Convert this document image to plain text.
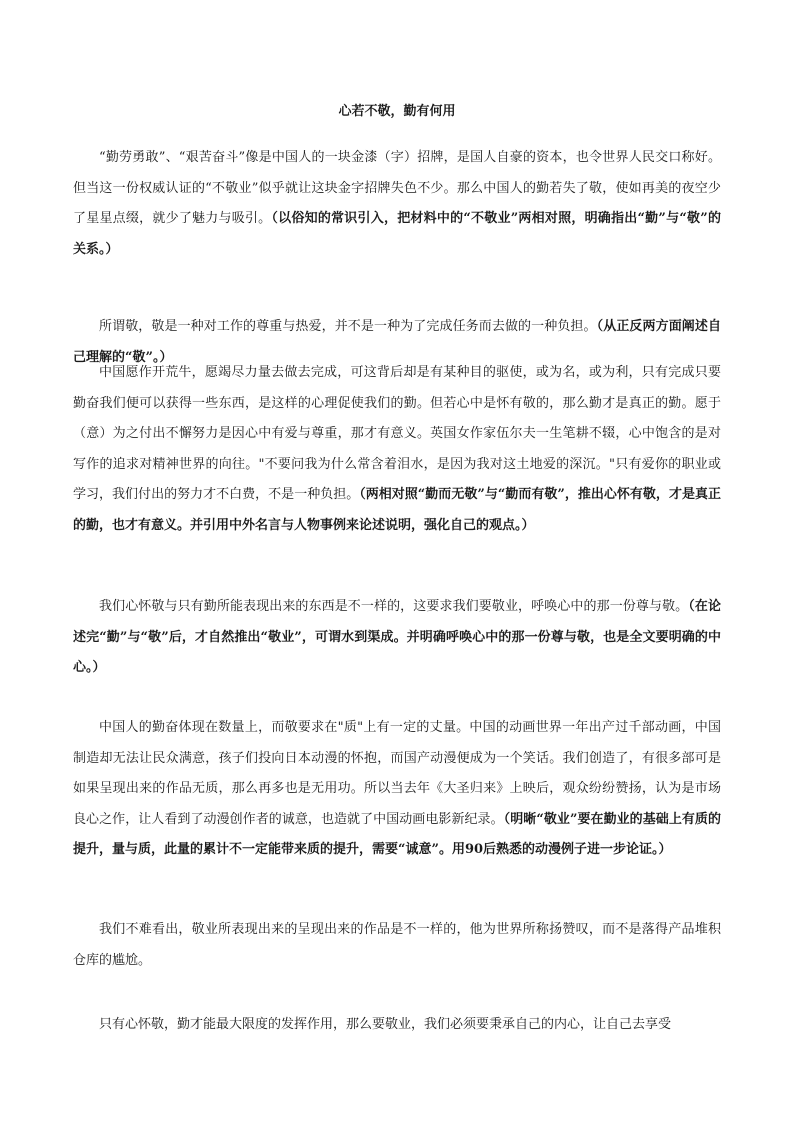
心若不敬，勤有何用

“勤劳勇敢”、“艰苦奋斗”像是中国人的一块金漆（字）招牌，是国人自豪的资本，也令世界人民交口称好。但当这一份权威认证的“不敬业”似乎就让这块金字招牌失色不少。那么中国人的勤若失了敬，使如再美的夜空少了星星点缀，就少了魅力与吸引。（以俗知的常识引入，把材料中的“不敬业”两相对照，明确指出“勤”与“敬”的关系。）

所谓敬，敬是一种对工作的尊重与热爱，并不是一种为了完成任务而去做的一种负担。（从正反两方面阐述自己理解的“敬”。）

中国愿作开荒牛，愿竭尽力量去做去完成，可这背后却是有某种目的驱使，或为名，或为利，只有完成只要勤奋我们便可以获得一些东西，是这样的心理促使我们的勤。但若心中是怀有敬的，那么勤才是真正的勤。愿于（意）为之付出不懈努力是因心中有爱与尊重，那才有意义。英国女作家伍尔夫一生笔耕不辍，心中饱含的是对写作的追求对精神世界的向往。"不要问我为什么常含着泪水，是因为我对这土地爱的深沉。"只有爱你的职业或学习，我们付出的努力才不白费，不是一种负担。（两相对照“勤而无敬”与“勤而有敬”，推出心怀有敬，才是真正的勤，也才有意义。并引用中外名言与人物事例来论述说明，强化自己的观点。）

我们心怀敬与只有勤所能表现出来的东西是不一样的，这要求我们要敬业，呼唤心中的那一份尊与敬。（在论述完“勤”与“敬”后，才自然推出“敬业”，可谓水到渠成。并明确呼唤心中的那一份尊与敬，也是全文要明确的中心。）

中国人的勤奋体现在数量上，而敬要求在"质"上有一定的丈量。中国的动画世界一年出产过千部动画，中国制造却无法让民众满意，孩子们投向日本动漫的怀抱，而国产动漫便成为一个笑话。我们创造了，有很多部可是如果呈现出来的作品无质，那么再多也是无用功。所以当去年《大圣归来》上映后，观众纷纷赞扬，认为是市场良心之作，让人看到了动漫创作者的诚意，也造就了中国动画电影新纪录。（明晰“敬业”要在勤业的基础上有质的提升，量与质，此量的累计不一定能带来质的提升，需要“诚意”。用90后熟悉的动漫例子进一步论证。）

我们不难看出，敬业所表现出来的呈现出来的作品是不一样的，他为世界所称扬赞叹，而不是落得产品堆积仓库的尴尬。

只有心怀敬，勤才能最大限度的发挥作用，那么要敬业，我们必须要秉承自己的内心，让自己去享受
